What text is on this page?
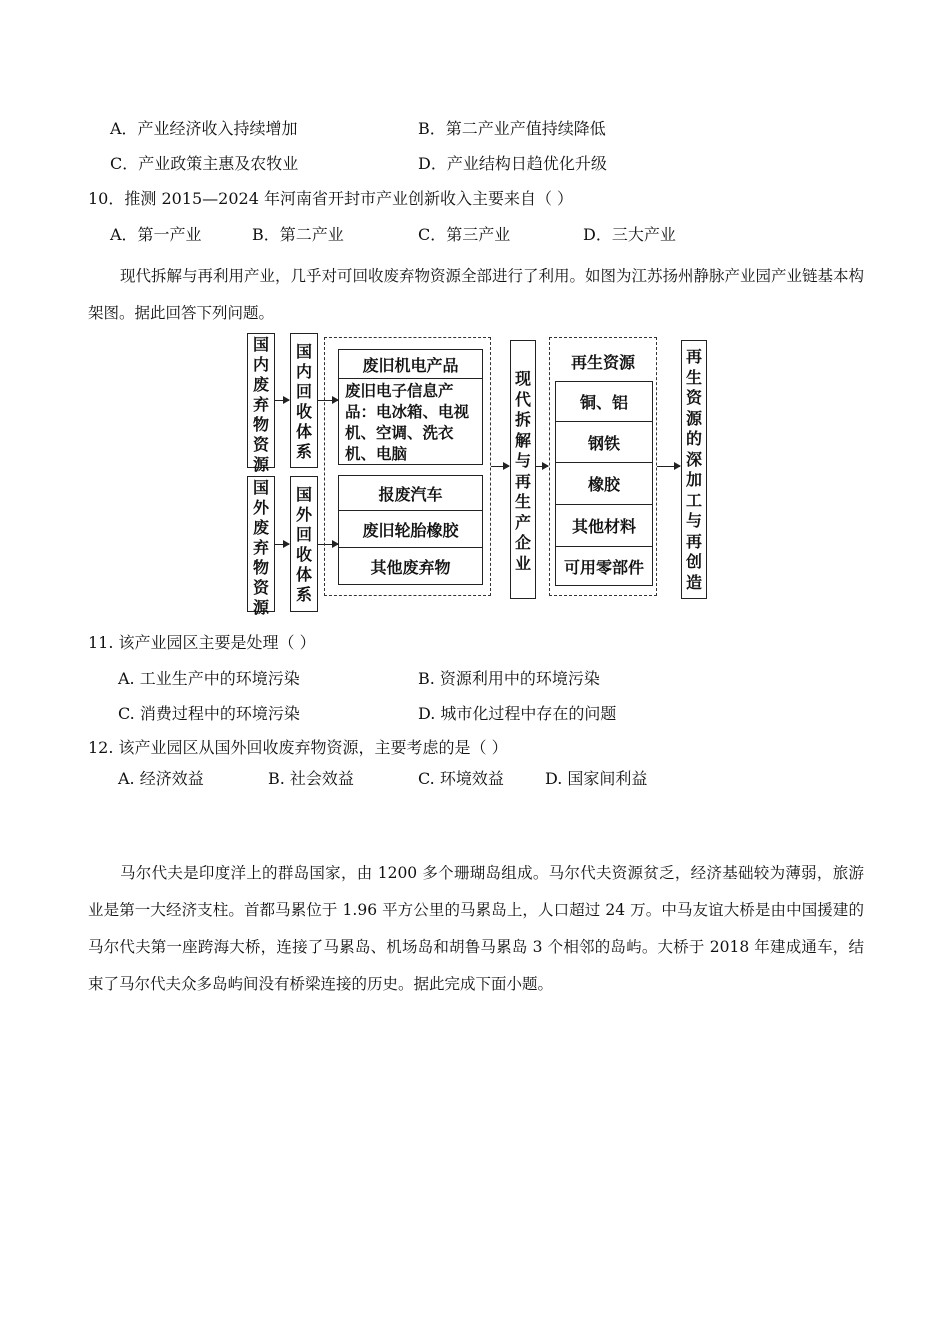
A．产业经济收入持续增加	B．第二产业产值持续降低
C．产业政策主惠及农牧业	D．产业结构日趋优化升级
10．推测 2015—2024 年河南省开封市产业创新收入主要来自（ ）
A．第一产业	B．第二产业	C．第三产业	D．三大产业
现代拆解与再利用产业，几乎对可回收废弃物资源全部进行了利用。如图为江苏扬州静脉产业园产业链基本构架图。据此回答下列问题。
国
内
废
弃
物
资
源
国
内
回
收
体
系
国
外
废
弃
物
资
源
国
外
回
收
体
系
废旧机电产品
废旧电子信息产品：电冰箱、电视机、空调、洗衣机、电脑
报废汽车
废旧轮胎橡胶
其他废弃物
现
代
拆
解
与
再
生
产
企
业
再生资源
铜、铝
钢铁
橡胶
其他材料
可用零部件
再
生
资
源
的
深
加
工
与
再
创
造
11. 该产业园区主要是处理（ ）
A. 工业生产中的环境污染	B. 资源利用中的环境污染
C. 消费过程中的环境污染	D. 城市化过程中存在的问题
12. 该产业园区从国外回收废弃物资源，主要考虑的是（ ）
A. 经济效益	B. 社会效益	C. 环境效益	D. 国家间利益
马尔代夫是印度洋上的群岛国家，由 1200 多个珊瑚岛组成。马尔代夫资源贫乏，经济基础较为薄弱，旅游业是第一大经济支柱。首都马累位于 1.96 平方公里的马累岛上，人口超过 24 万。中马友谊大桥是由中国援建的马尔代夫第一座跨海大桥，连接了马累岛、机场岛和胡鲁马累岛 3 个相邻的岛屿。大桥于 2018 年建成通车，结束了马尔代夫众多岛屿间没有桥梁连接的历史。据此完成下面小题。
